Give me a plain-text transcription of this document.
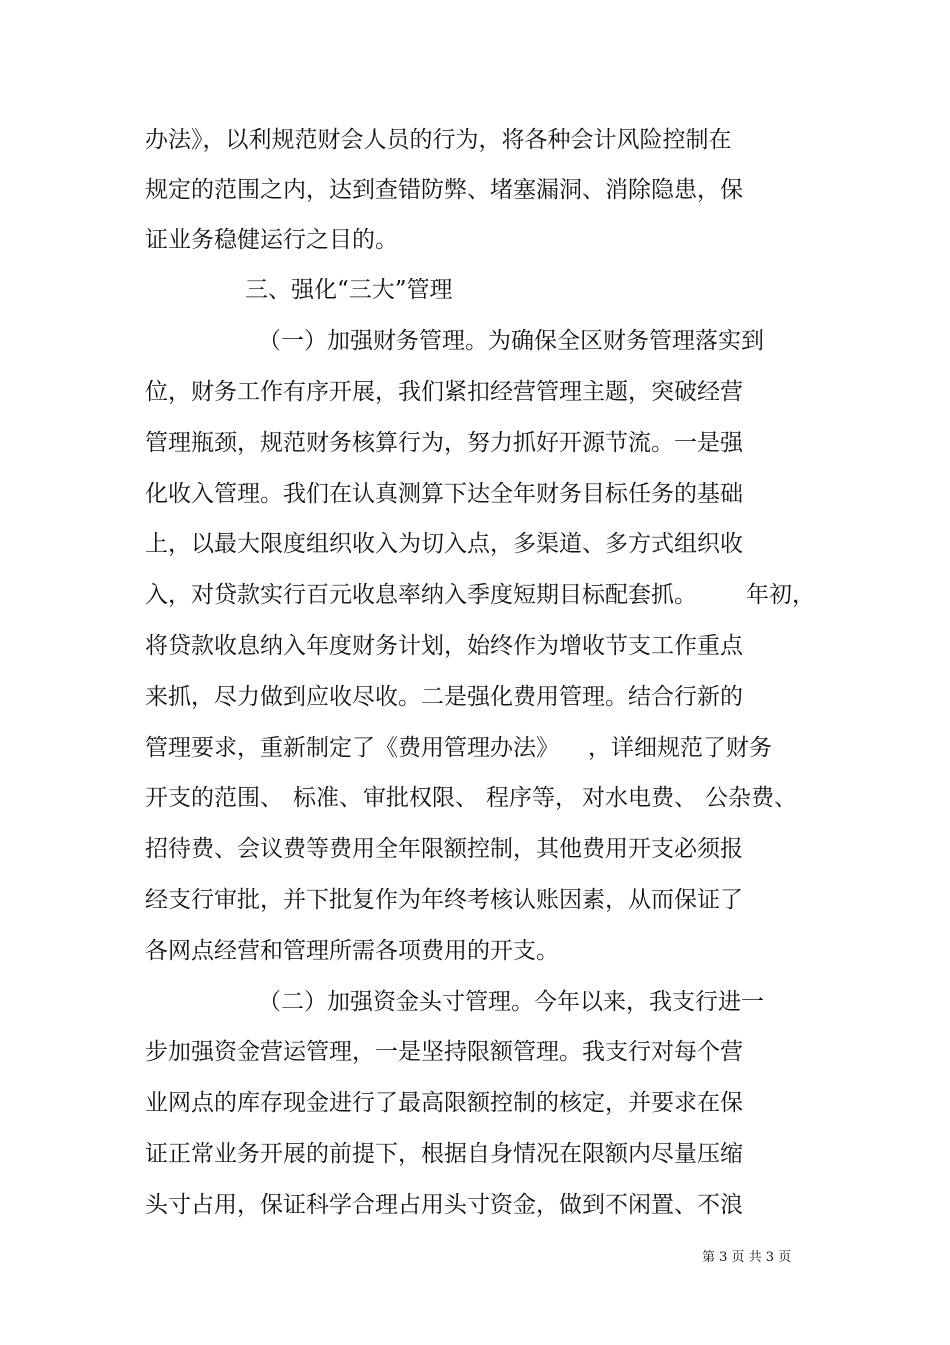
办法》，以利规范财会人员的行为，将各种会计风险控制在

规定的范围之内，达到查错防弊、堵塞漏洞、消除隐患，保

证业务稳健运行之目的。

三、强化“三大”管理

（一）加强财务管理。为确保全区财务管理落实到

位，财务工作有序开展，我们紧扣经营管理主题，突破经营

管理瓶颈，规范财务核算行为，努力抓好开源节流。一是强

化收入管理。我们在认真测算下达全年财务目标任务的基础

上，以最大限度组织收入为切入点，多渠道、多方式组织收

入，对贷款实行百元收息率纳入季度短期目标配套抓。

年初，

将贷款收息纳入年度财务计划，始终作为增收节支工作重点

来抓，尽力做到应收尽收。二是强化费用管理。结合行新的

管理要求，重新制定了《费用管理办法》

，详细规范了财务

开支的范围、

标准、

审批权限、

程序等，

对水电费、

公杂费、

招待费、会议费等费用全年限额控制，其他费用开支必须报

经支行审批，并下批复作为年终考核认账因素，从而保证了

各网点经营和管理所需各项费用的开支。

（二）加强资金头寸管理。今年以来，我支行进一

步加强资金营运管理，一是坚持限额管理。我支行对每个营

业网点的库存现金进行了最高限额控制的核定，并要求在保

证正常业务开展的前提下，根据自身情况在限额内尽量压缩

头寸占用，保证科学合理占用头寸资金，做到不闲置、不浪

第 3 页 共 3 页
